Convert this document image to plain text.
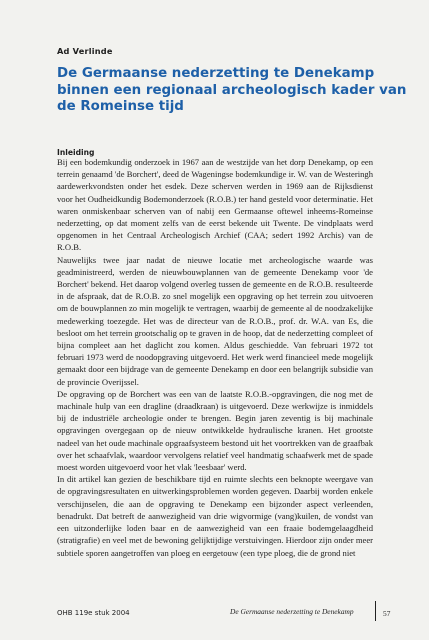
Ad Verlinde
De Germaanse nederzetting te Denekamp binnen een regionaal archeologisch kader van de Romeinse tijd
Inleiding

Bij een bodemkundig onderzoek in 1967 aan de westzijde van het dorp Denekamp, op een terrein genaamd 'de Borchert', deed de Wageningse bodemkundige ir. W. van de Westeringh aardewerkvondsten onder het esdek. Deze scherven werden in 1969 aan de Rijksdienst voor het Oudheidkundig Bodemonderzoek (R.O.B.) ter hand gesteld voor determinatie. Het waren onmiskenbaar scherven van of nabij een Germaanse oftewel inheems-Romeinse nederzetting, op dat moment zelfs van de eerst bekende uit Twente. De vindplaats werd opgenomen in het Centraal Archeologisch Archief (CAA; sedert 1992 Archis) van de R.O.B.

Nauwelijks twee jaar nadat de nieuwe locatie met archeologische waarde was geadministreerd, werden de nieuwbouwplannen van de gemeente Denekamp voor 'de Borchert' bekend. Het daarop volgend overleg tussen de gemeente en de R.O.B. resulteerde in de afspraak, dat de R.O.B. zo snel mogelijk een opgraving op het terrein zou uitvoeren om de bouwplannen zo min mogelijk te vertragen, waarbij de gemeente al de noodzakelijke medewerking toezegde. Het was de directeur van de R.O.B., prof. dr. W.A. van Es, die besloot om het terrein grootschalig op te graven in de hoop, dat de nederzetting compleet of bijna compleet aan het daglicht zou komen. Aldus geschiedde. Van februari 1972 tot februari 1973 werd de noodopgraving uitgevoerd. Het werk werd financieel mede mogelijk gemaakt door een bijdrage van de gemeente Denekamp en door een belangrijk subsidie van de provincie Overijssel.

De opgraving op de Borchert was een van de laatste R.O.B.-opgravingen, die nog met de machinale hulp van een dragline (draadkraan) is uitgevoerd. Deze werkwijze is inmiddels bij de industriële archeologie onder te brengen. Begin jaren zeventig is bij machinale opgravingen overgegaan op de nieuw ontwikkelde hydraulische kranen. Het grootste nadeel van het oude machinale opgraafsysteem bestond uit het voortrekken van de graafbak over het schaafvlak, waardoor vervolgens relatief veel handmatig schaafwerk met de spade moest worden uitgevoerd voor het vlak 'leesbaar' werd.

In dit artikel kan gezien de beschikbare tijd en ruimte slechts een beknopte weergave van de opgravingsresultaten en uitwerkingsproblemen worden gegeven. Daarbij worden enkele verschijnselen, die aan de opgraving te Denekamp een bijzonder aspect verleenden, benadrukt. Dat betreft de aanwezigheid van drie wigvormige (vang)kuilen, de vondst van een uitzonderlijke loden baar en de aanwezigheid van een fraaie bodemgelaagdheid (stratigrafie) en veel met de bewoning gelijktijdige verstuivingen. Hierdoor zijn onder meer subtiele sporen aangetroffen van ploeg en eergetouw (een type ploeg, die de grond niet

OHB 119e stuk 2004	De Germaanse nederzetting te Denekamp	57
